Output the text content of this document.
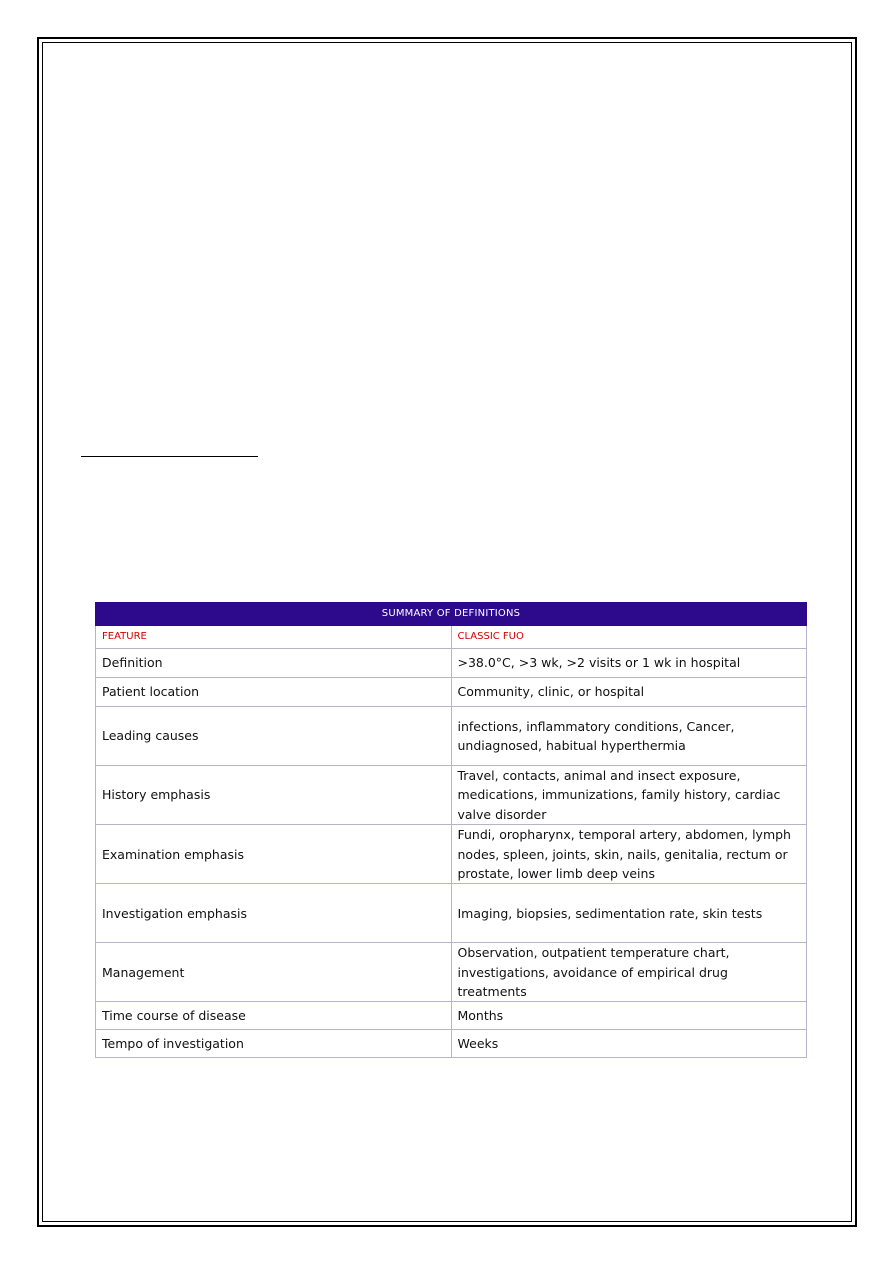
SUMMARY OF DEFINITIONS	
FEATURE	CLASSIC FUO
Definition	>38.0°C, >3 wk, >2 visits or 1 wk in hospital
Patient location	Community, clinic, or hospital
Leading causes	infections, inflammatory conditions, Cancer, undiagnosed, habitual hyperthermia
History emphasis	Travel, contacts, animal and insect exposure, medications, immunizations, family history, cardiac valve disorder
Examination emphasis	Fundi, oropharynx, temporal artery, abdomen, lymph nodes, spleen, joints, skin, nails, genitalia, rectum or prostate, lower limb deep veins
Investigation emphasis	Imaging, biopsies, sedimentation rate, skin tests
Management	Observation, outpatient temperature chart, investigations, avoidance of empirical drug treatments
Time course of disease	Months
Tempo of investigation	Weeks
